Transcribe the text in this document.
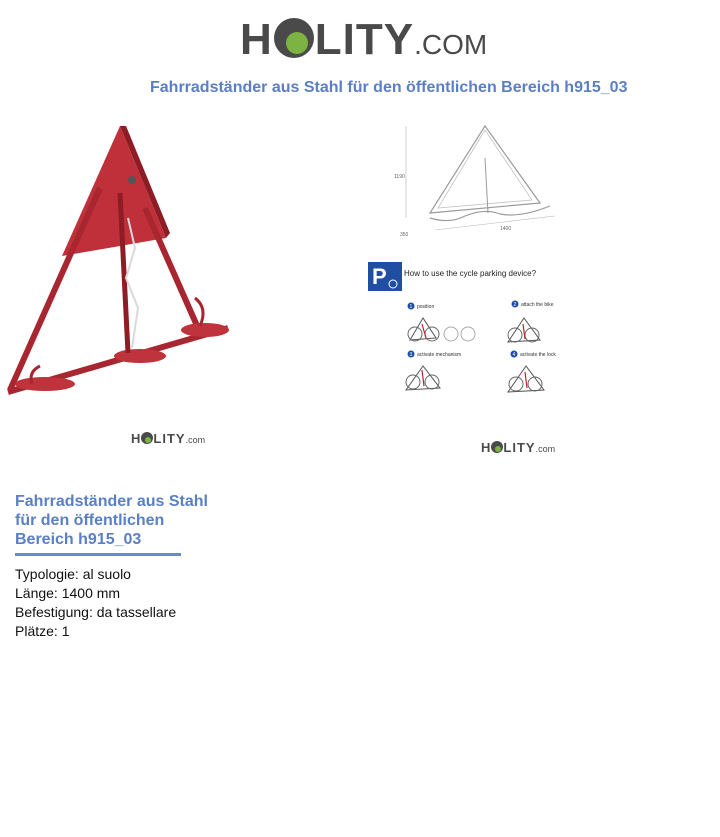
H LITY .COM
Fahrradständer aus Stahl für den öffentlichen Bereich h915_03
1190
350
1400
P How to use the cycle parking device?
1 position	2 attach the bike
3 activate mechanism	4 activate the lock
H LITY .com	H LITY .com
Fahrradständer aus Stahl für den öffentlichen Bereich h915_03
Typologie: al suolo
Länge: 1400 mm
Befestigung: da tassellare
Plätze: 1
